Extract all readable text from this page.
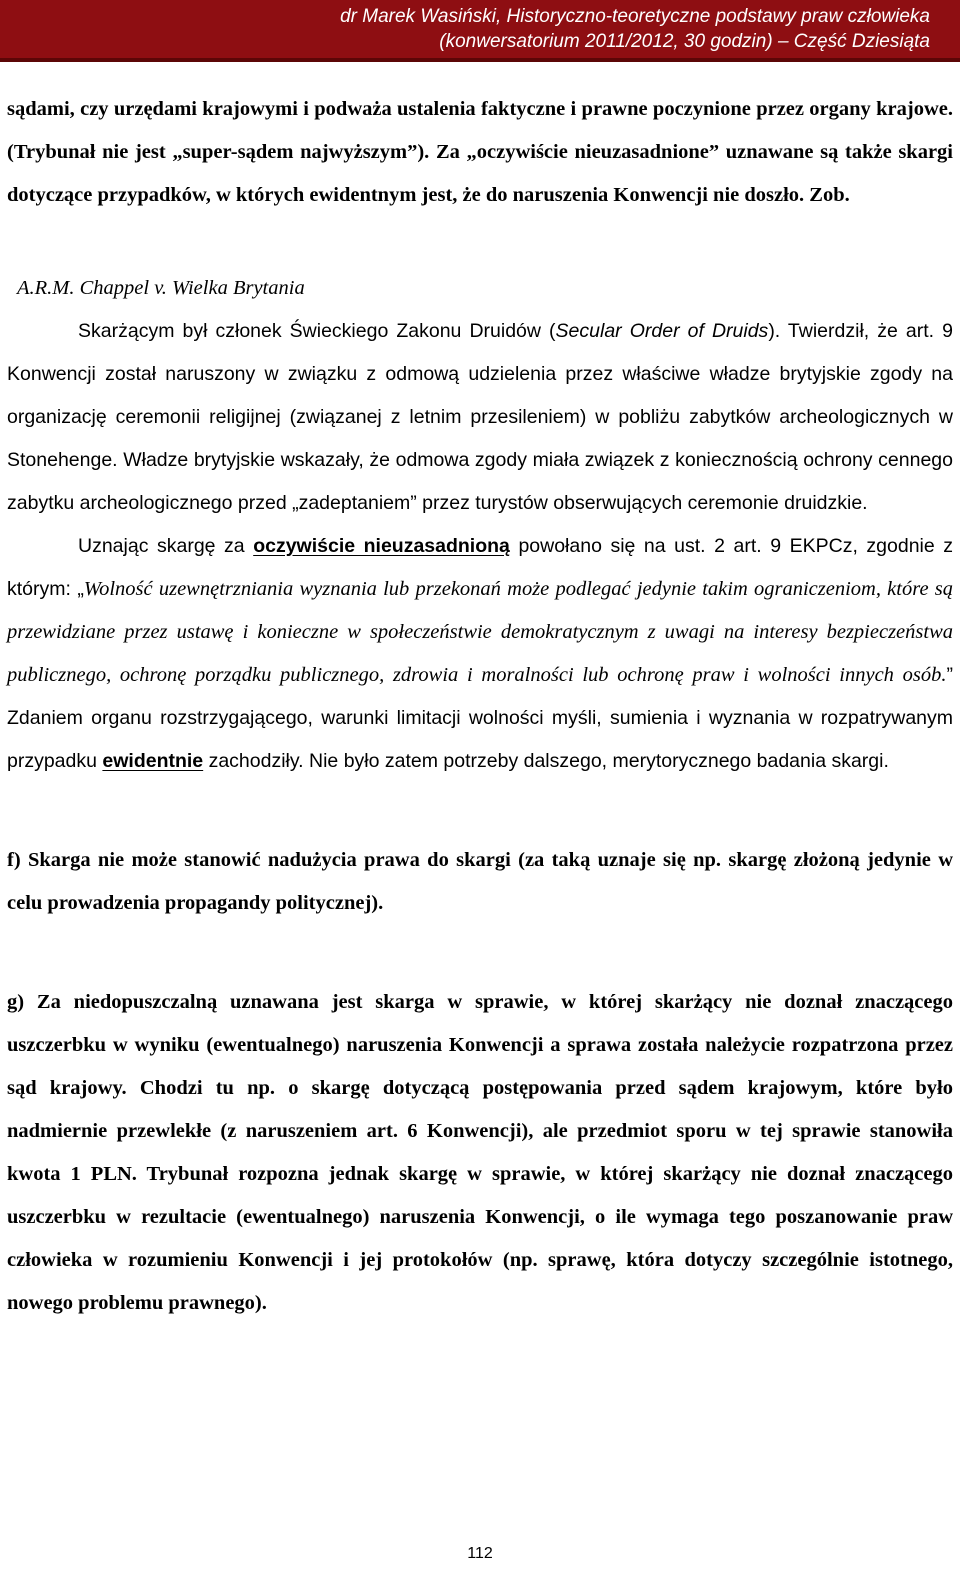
dr Marek Wasiński, Historyczno-teoretyczne podstawy praw człowieka
(konwersatorium 2011/2012, 30 godzin) – Część Dziesiąta

sądami, czy urzędami krajowymi i podważa ustalenia faktyczne i prawne poczynione przez organy krajowe. (Trybunał nie jest „super-sądem najwyższym”). Za „oczywiście nieuzasadnione” uznawane są także skargi dotyczące przypadków, w których ewidentnym jest, że do naruszenia Konwencji nie doszło. Zob.

A.R.M. Chappel v. Wielka Brytania

Skarżącym był członek Świeckiego Zakonu Druidów (Secular Order of Druids). Twierdził, że art. 9 Konwencji został naruszony w związku z odmową udzielenia przez właściwe władze brytyjskie zgody na organizację ceremonii religijnej (związanej z letnim przesileniem) w pobliżu zabytków archeologicznych w Stonehenge. Władze brytyjskie wskazały, że odmowa zgody miała związek z koniecznością ochrony cennego zabytku archeologicznego przed „zadeptaniem” przez turystów obserwujących ceremonie druidzkie.

Uznając skargę za oczywiście nieuzasadnioną powołano się na ust. 2 art. 9 EKPCz, zgodnie z którym: „Wolność uzewnętrzniania wyznania lub przekonań może podlegać jedynie takim ograniczeniom, które są przewidziane przez ustawę i konieczne w społeczeństwie demokratycznym z uwagi na interesy bezpieczeństwa publicznego, ochronę porządku publicznego, zdrowia i moralności lub ochronę praw i wolności innych osób.” Zdaniem organu rozstrzygającego, warunki limitacji wolności myśli, sumienia i wyznania w rozpatrywanym przypadku ewidentnie zachodziły. Nie było zatem potrzeby dalszego, merytorycznego badania skargi.

f) Skarga nie może stanowić nadużycia prawa do skargi (za taką uznaje się np. skargę złożoną jedynie w celu prowadzenia propagandy politycznej).

g) Za niedopuszczalną uznawana jest skarga w sprawie, w której skarżący nie doznał znaczącego uszczerbku w wyniku (ewentualnego) naruszenia Konwencji a sprawa została należycie rozpatrzona przez sąd krajowy. Chodzi tu np. o skargę dotyczącą postępowania przed sądem krajowym, które było nadmiernie przewlekłe (z naruszeniem art. 6 Konwencji), ale przedmiot sporu w tej sprawie stanowiła kwota 1 PLN. Trybunał rozpozna jednak skargę w sprawie, w której skarżący nie doznał znaczącego uszczerbku w rezultacie (ewentualnego) naruszenia Konwencji, o ile wymaga tego poszanowanie praw człowieka w rozumieniu Konwencji i jej protokołów (np. sprawę, która dotyczy szczególnie istotnego, nowego problemu prawnego).

112
